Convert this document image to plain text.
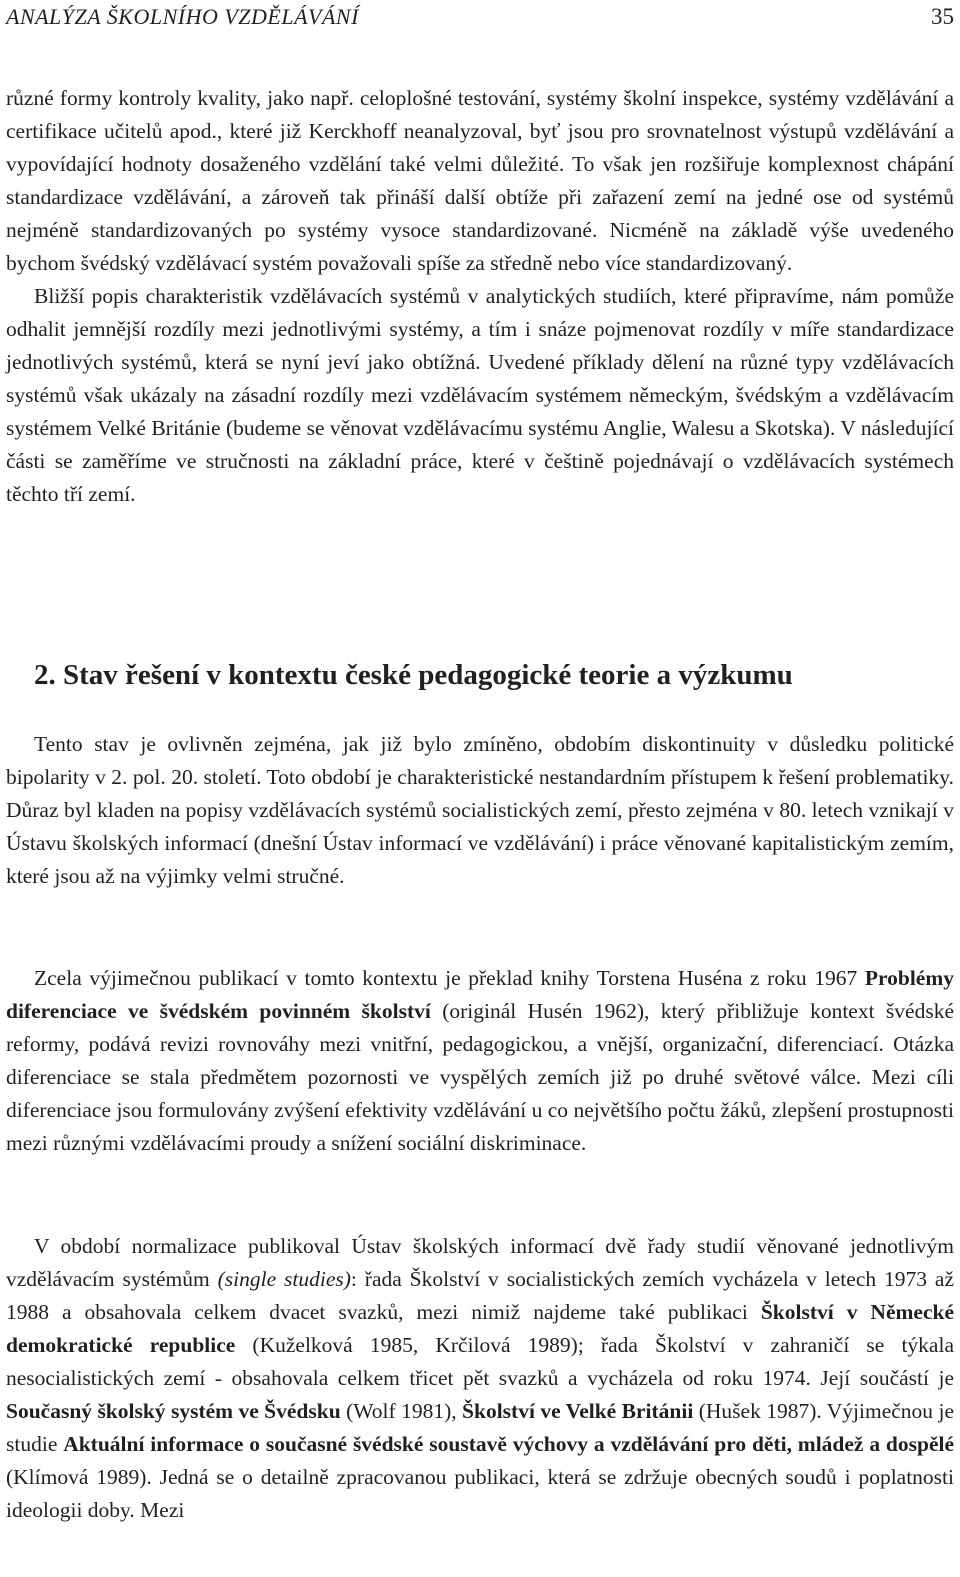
ANALÝZA ŠKOLNÍHO VZDĚLÁVÁNÍ	35

různé formy kontroly kvality, jako např. celoplošné testování, systémy školní inspekce, systémy vzdělávání a certifikace učitelů apod., které již Kerckhoff neanalyzoval, byť jsou pro srovnatelnost výstupů vzdělávání a vypovídající hodnoty dosaženého vzdělání také velmi důležité. To však jen rozšiřuje komplexnost chápání standardizace vzdělávání, a zároveň tak přináší další obtíže při zařazení zemí na jedné ose od systémů nejméně standardizovaných po systémy vysoce standardizované. Nicméně na základě výše uvedeného bychom švédský vzdělávací systém považovali spíše za středně nebo více standardizovaný.

Bližší popis charakteristik vzdělávacích systémů v analytických studiích, které připravíme, nám pomůže odhalit jemnější rozdíly mezi jednotlivými systémy, a tím i snáze pojmenovat rozdíly v míře standardizace jednotlivých systémů, která se nyní jeví jako obtížná. Uvedené příklady dělení na různé typy vzdělávacích systémů však ukázaly na zásadní rozdíly mezi vzdělávacím systémem německým, švédským a vzdělávacím systémem Velké Británie (budeme se věnovat vzdělávacímu systému Anglie, Walesu a Skotska). V následující části se zaměříme ve stručnosti na základní práce, které v češtině pojednávají o vzdělávacích systémech těchto tří zemí.

2. Stav řešení v kontextu české pedagogické teorie a výzkumu

Tento stav je ovlivněn zejména, jak již bylo zmíněno, obdobím diskontinuity v důsledku politické bipolarity v 2. pol. 20. století. Toto období je charakteristické nestandardním přístupem k řešení problematiky. Důraz byl kladen na popisy vzdělávacích systémů socialistických zemí, přesto zejména v 80. letech vznikají v Ústavu školských informací (dnešní Ústav informací ve vzdělávání) i práce věnované kapitalistickým zemím, které jsou až na výjimky velmi stručné.

Zcela výjimečnou publikací v tomto kontextu je překlad knihy Torstena Huséna z roku 1967 Problémy diferenciace ve švédském povinném školství (originál Husén 1962), který přibližuje kontext švédské reformy, podává revizi rovnováhy mezi vnitřní, pedagogickou, a vnější, organizační, diferenciací. Otázka diferenciace se stala předmětem pozornosti ve vyspělých zemích již po druhé světové válce. Mezi cíli diferenciace jsou formulovány zvýšení efektivity vzdělávání u co největšího počtu žáků, zlepšení prostupnosti mezi různými vzdělávacími proudy a snížení sociální diskriminace.

V období normalizace publikoval Ústav školských informací dvě řady studií věnované jednotlivým vzdělávacím systémům (single studies): řada Školství v socialistických zemích vycházela v letech 1973 až 1988 a obsahovala celkem dvacet svazků, mezi nimiž najdeme také publikaci Školství v Německé demokratické republice (Kuželková 1985, Krčilová 1989); řada Školství v zahraničí se týkala nesocialistických zemí - obsahovala celkem třicet pět svazků a vycházela od roku 1974. Její součástí je Současný školský systém ve Švédsku (Wolf 1981), Školství ve Velké Británii (Hušek 1987). Výjimečnou je studie Aktuální informace o současné švédské soustavě výchovy a vzdělávání pro děti, mládež a dospělé (Klímová 1989). Jedná se o detailně zpracovanou publikaci, která se zdržuje obecných soudů i poplatnosti ideologii doby. Mezi
